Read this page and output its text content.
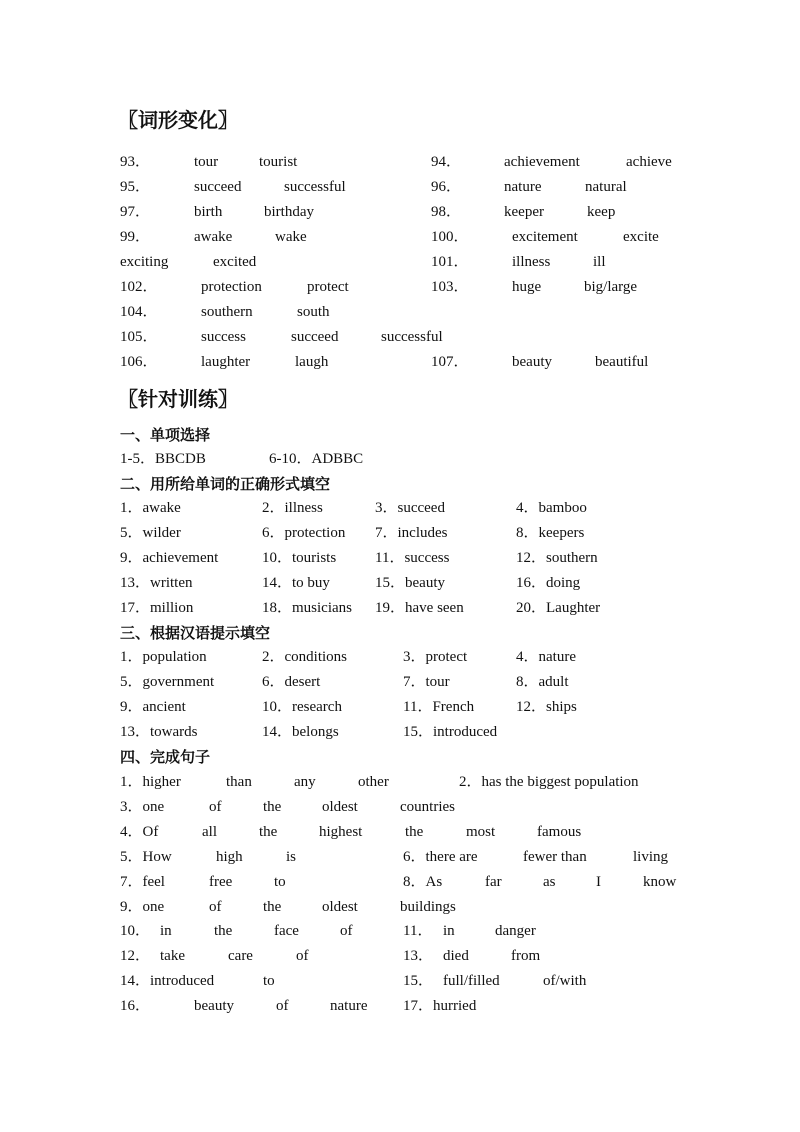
〖词形变化〗
93．	tour	tourist	94．	achievement	achieve
95．	succeed	successful	96．	nature	natural
97．	birth	birthday	98．	keeper	keep
99．	awake	wake	100．	excitement	excite
exciting	excited	101．	illness	ill
102．	protection	protect	103．	huge	big/large
104．	southern	south
105．	success	succeed	successful
106．	laughter	laugh	107．	beauty	beautiful
〖针对训练〗
一、单项选择
1-5．BBCDB	6-10．ADBBC
二、用所给单词的正确形式填空
1．awake	2．illness	3．succeed	4．bamboo
5．wilder	6．protection 7．includes	8．keepers
9．achievement	10．tourists	11．success	12．southern
13．written	14．to buy	15．beauty	16．doing
17．million	18．musicians 19．have seen	20．Laughter
三、根据汉语提示填空
1．population	2．conditions	3．protect	4．nature
5．government	6．desert	7．tour	8．adult
9．ancient	10．research	11．French	12．ships
13．towards	14．belongs	15．introduced
四、完成句子
1．higher	than	any	other	2．has the biggest population
3．one	of	the	oldest	countries
4．Of	all	the	highest	the	most	famous
5．How	high	is	6．there are	fewer than	living
7．feel	free	to	8．As	far	as	I	know
9．one	of	the	oldest	buildings
10． in	the	face	of	11． in	danger
12． take	care	of	13． died	from
14．introduced	to	15． full/filled	of/with
16．	beauty	of	nature 17．hurried
